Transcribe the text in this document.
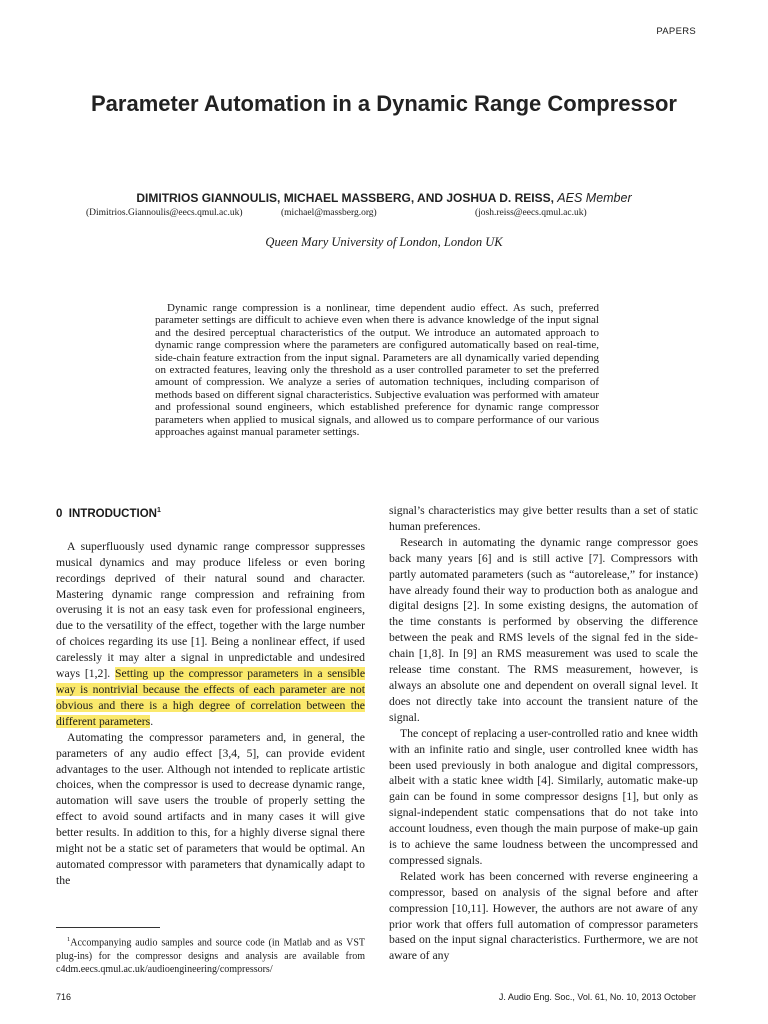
PAPERS
Parameter Automation in a Dynamic Range Compressor
DIMITRIOS GIANNOULIS, MICHAEL MASSBERG, AND JOSHUA D. REISS, AES Member
(Dimitrios.Giannoulis@eecs.qmul.ac.uk)	(michael@massberg.org)	(josh.reiss@eecs.qmul.ac.uk)
Queen Mary University of London, London UK

Dynamic range compression is a nonlinear, time dependent audio effect. As such, preferred parameter settings are difficult to achieve even when there is advance knowledge of the input signal and the desired perceptual characteristics of the output. We introduce an automated approach to dynamic range compression where the parameters are configured automatically based on real-time, side-chain feature extraction from the input signal. Parameters are all dynamically varied depending on extracted features, leaving only the threshold as a user controlled parameter to set the preferred amount of compression. We analyze a series of automation techniques, including comparison of methods based on different signal characteristics. Subjective evaluation was performed with amateur and professional sound engineers, which established preference for dynamic range compressor parameters when applied to musical signals, and allowed us to compare performance of our various approaches against manual parameter settings.

0 INTRODUCTION$^1$

A superfluously used dynamic range compressor suppresses musical dynamics and may produce lifeless or even boring recordings deprived of their natural sound and character. Mastering dynamic range compression and refraining from overusing it is not an easy task even for professional engineers, due to the versatility of the effect, together with the large number of choices regarding its use [1]. Being a nonlinear effect, if used carelessly it may alter a signal in unpredictable and undesired ways [1,2]. Setting up the compressor parameters in a sensible way is nontrivial because the effects of each parameter are not obvious and there is a high degree of correlation between the different parameters.

Automating the compressor parameters and, in general, the parameters of any audio effect [3,4, 5], can provide evident advantages to the user. Although not intended to replicate artistic choices, when the compressor is used to decrease dynamic range, automation will save users the trouble of properly setting the effect to avoid sound artifacts and in many cases it will give better results. In addition to this, for a highly diverse signal there might not be a static set of parameters that would be optimal. An automated compressor with parameters that dynamically adapt to the

signal’s characteristics may give better results than a set of static human preferences.

Research in automating the dynamic range compressor goes back many years [6] and is still active [7]. Compressors with partly automated parameters (such as “autorelease,” for instance) have already found their way to production both as analogue and digital designs [2]. In some existing designs, the automation of the time constants is performed by observing the difference between the peak and RMS levels of the signal fed in the side-chain [1,8]. In [9] an RMS measurement was used to scale the release time constant. The RMS measurement, however, is always an absolute one and dependent on overall signal level. It does not directly take into account the transient nature of the signal.

The concept of replacing a user-controlled ratio and knee width with an infinite ratio and single, user controlled knee width has been used previously in both analogue and digital compressors, albeit with a static knee width [4]. Similarly, automatic make-up gain can be found in some compressor designs [1], but only as signal-independent static compensations that do not take into account loudness, even though the main purpose of make-up gain is to achieve the same loudness between the uncompressed and compressed signals.

Related work has been concerned with reverse engineering a compressor, based on analysis of the signal before and after compression [10,11]. However, the authors are not aware of any prior work that offers full automation of compressor parameters based on the input signal characteristics. Furthermore, we are not aware of any

$^1$Accompanying audio samples and source code (in Matlab and as VST plug-ins) for the compressor designs and analysis are available from c4dm.eecs.qmul.ac.uk/audioengineering/compressors/

716	J. Audio Eng. Soc., Vol. 61, No. 10, 2013 October
